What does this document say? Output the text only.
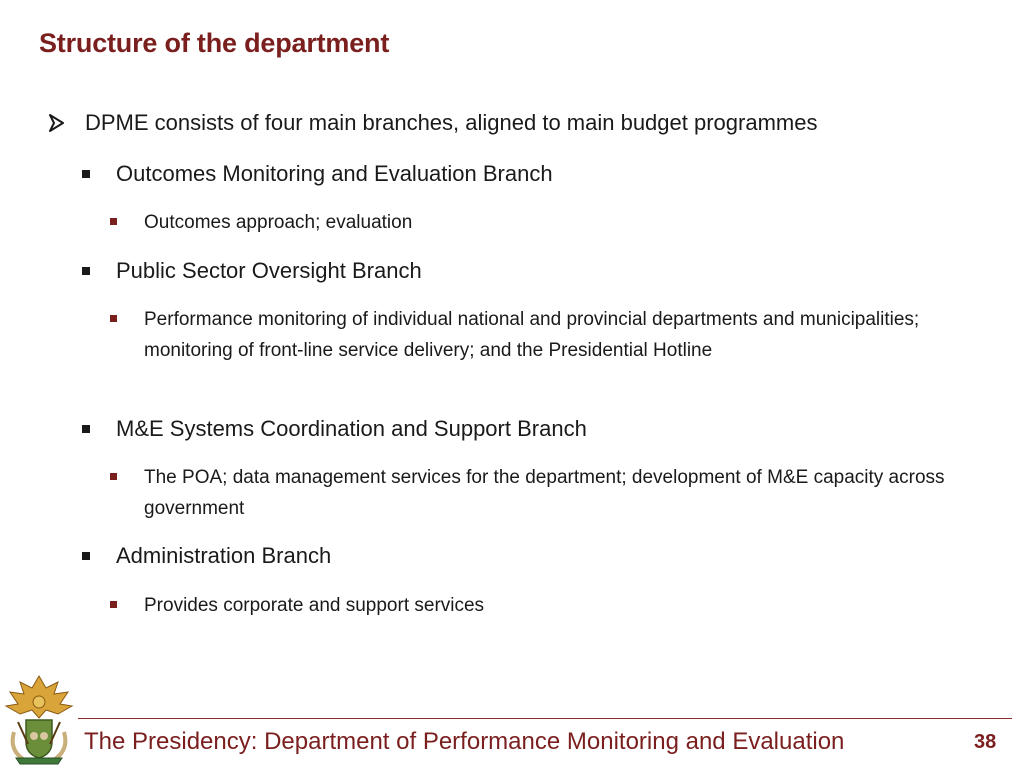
Structure of the department
DPME consists of four main branches, aligned to main budget programmes
Outcomes Monitoring and Evaluation Branch
Outcomes approach; evaluation
Public Sector Oversight Branch
Performance monitoring of individual national and provincial departments and municipalities; monitoring of front-line service delivery; and the Presidential Hotline
M&E Systems Coordination and Support Branch
The POA; data management services for the department; development of M&E capacity across government
Administration Branch
Provides corporate and support services
The Presidency: Department of Performance Monitoring and Evaluation	38
